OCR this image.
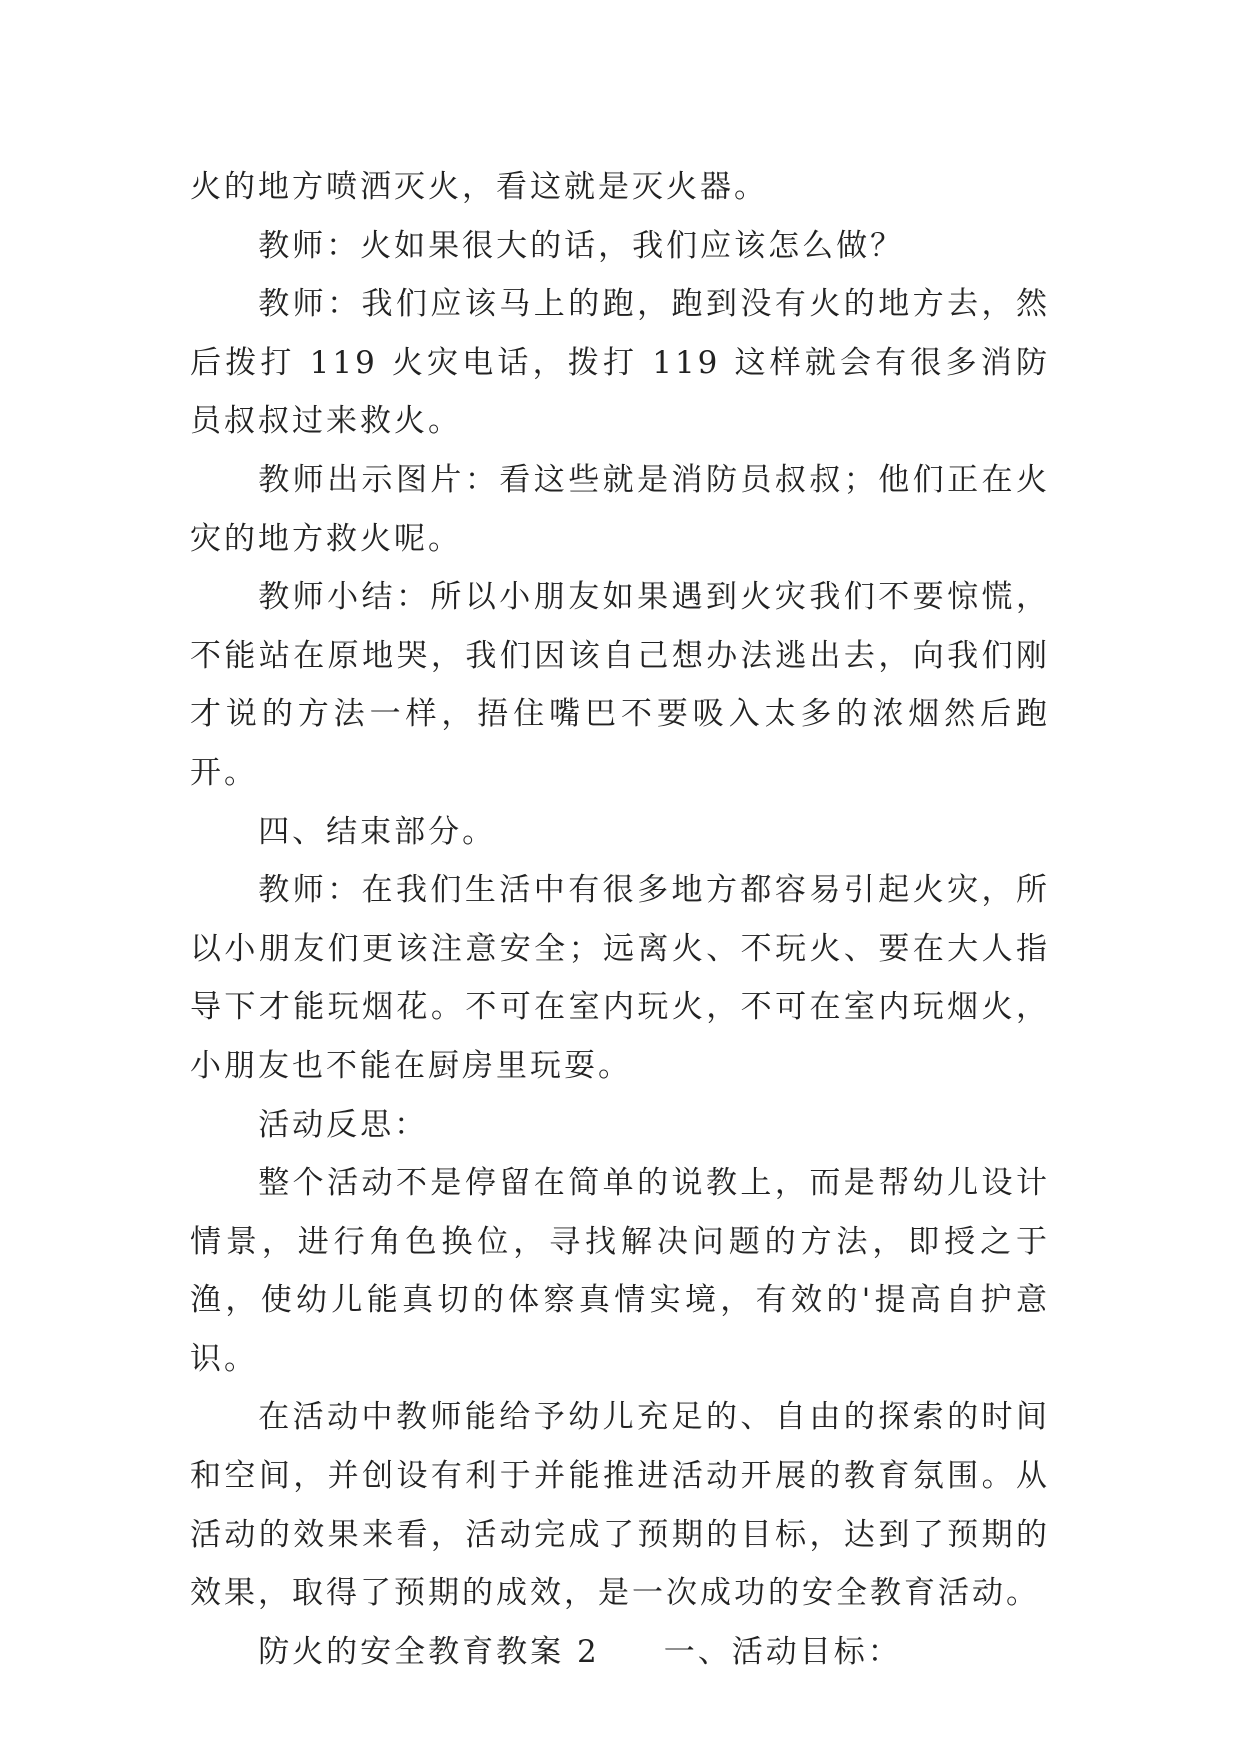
火的地方喷洒灭火，看这就是灭火器。

教师：火如果很大的话，我们应该怎么做？

教师：我们应该马上的跑，跑到没有火的地方去，然后拨打 119 火灾电话，拨打 119 这样就会有很多消防员叔叔过来救火。

教师出示图片：看这些就是消防员叔叔；他们正在火灾的地方救火呢。

教师小结：所以小朋友如果遇到火灾我们不要惊慌，不能站在原地哭，我们因该自己想办法逃出去，向我们刚才说的方法一样，捂住嘴巴不要吸入太多的浓烟然后跑开。

四、结束部分。

教师：在我们生活中有很多地方都容易引起火灾，所以小朋友们更该注意安全；远离火、不玩火、要在大人指导下才能玩烟花。不可在室内玩火，不可在室内玩烟火，小朋友也不能在厨房里玩耍。

活动反思：

整个活动不是停留在简单的说教上，而是帮幼儿设计情景，进行角色换位，寻找解决问题的方法，即授之于渔，使幼儿能真切的体察真情实境，有效的'提高自护意识。

在活动中教师能给予幼儿充足的、自由的探索的时间和空间，并创设有利于并能推进活动开展的教育氛围。从活动的效果来看，活动完成了预期的目标，达到了预期的效果，取得了预期的成效，是一次成功的安全教育活动。

防火的安全教育教案 2 一、活动目标：
